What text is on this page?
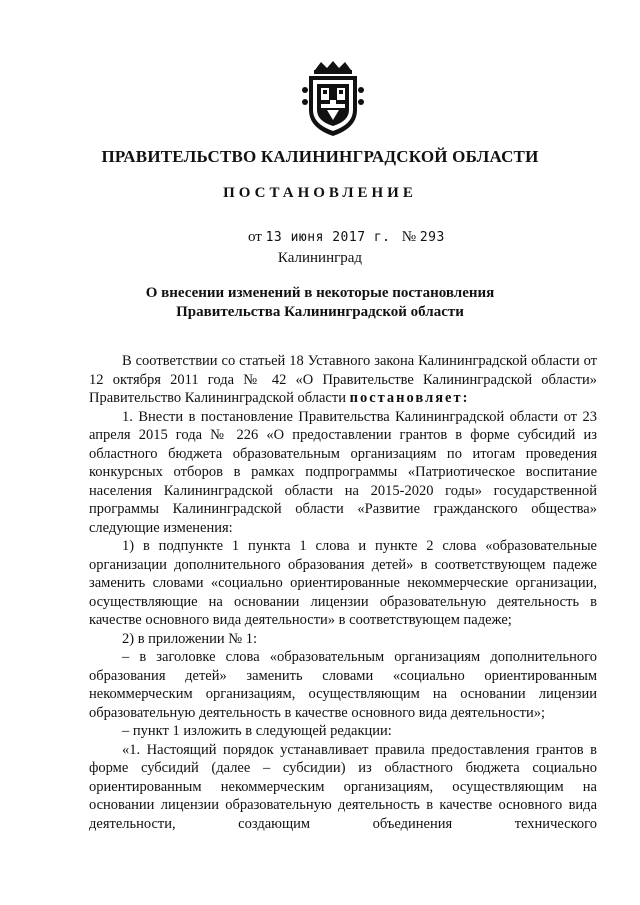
ПРАВИТЕЛЬСТВО КАЛИНИНГРАДСКОЙ ОБЛАСТИ
ПОСТАНОВЛЕНИЕ
от 13 июня 2017 г. № 293
Калининград
О внесении изменений в некоторые постановления
Правительства Калининградской области

В соответствии со статьей 18 Уставного закона Калининградской области от 12 октября 2011 года № 42 «О Правительстве Калининградской области» Правительство Калининградской области постановляет:

1. Внести в постановление Правительства Калининградской области от 23 апреля 2015 года № 226 «О предоставлении грантов в форме субсидий из областного бюджета образовательным организациям по итогам проведения конкурсных отборов в рамках подпрограммы «Патриотическое воспитание населения Калининградской области на 2015-2020 годы» государственной программы Калининградской области «Развитие гражданского общества» следующие изменения:

1) в подпункте 1 пункта 1 слова и пункте 2 слова «образовательные организации дополнительного образования детей» в соответствующем падеже заменить словами «социально ориентированные некоммерческие организации, осуществляющие на основании лицензии образовательную деятельность в качестве основного вида деятельности» в соответствующем падеже;

2) в приложении № 1:

– в заголовке слова «образовательным организациям дополнительного образования детей» заменить словами «социально ориентированным некоммерческим организациям, осуществляющим на основании лицензии образовательную деятельность в качестве основного вида деятельности»;

– пункт 1 изложить в следующей редакции:

«1. Настоящий порядок устанавливает правила предоставления грантов в форме субсидий (далее – субсидии) из областного бюджета социально ориентированным некоммерческим организациям, осуществляющим на основании лицензии образовательную деятельность в качестве основного вида деятельности, создающим объединения технического
